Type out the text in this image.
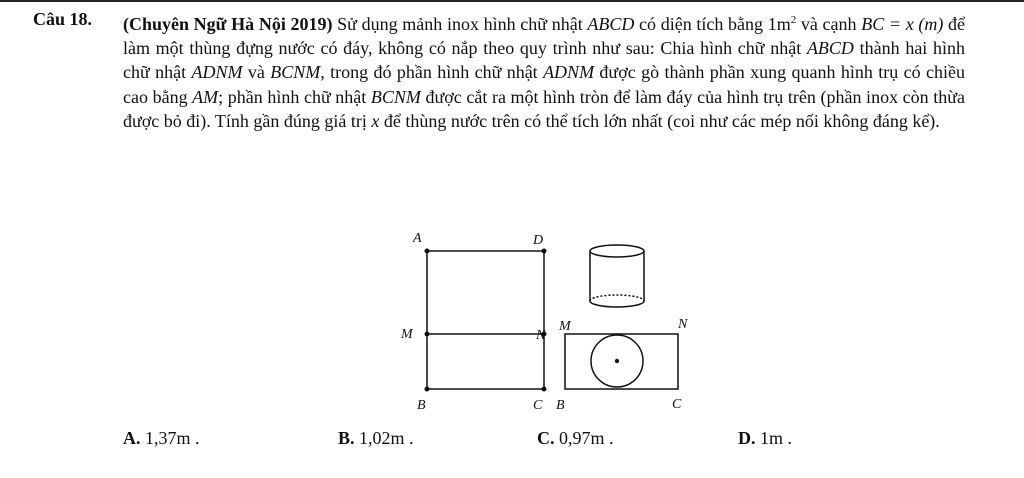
Câu 18. (Chuyên Ngữ Hà Nội 2019) Sử dụng mảnh inox hình chữ nhật ABCD có diện tích bằng $1m^2$ và cạnh BC = x (m) để làm một thùng đựng nước có đáy, không có nắp theo quy trình như sau: Chia hình chữ nhật ABCD thành hai hình chữ nhật ADNM và BCNM, trong đó phần hình chữ nhật ADNM được gò thành phần xung quanh hình trụ có chiều cao bằng AM; phần hình chữ nhật BCNM được cắt ra một hình tròn để làm đáy của hình trụ trên (phần inox còn thừa được bỏ đi). Tính gần đúng giá trị x để thùng nước trên có thể tích lớn nhất (coi như các mép nối không đáng kể).
A	D
M	N
B	C
M	N
B	C
A. 1,37m .	B. 1,02m .	C. 0,97m .	D. 1m .
